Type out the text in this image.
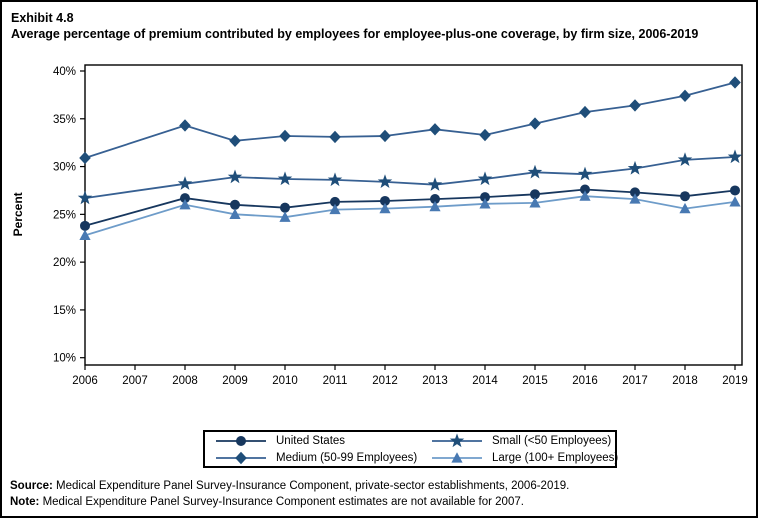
Exhibit 4.8
Average percentage of premium contributed by employees for employee-plus-one coverage, by firm size, 2006-2019
10%
15%
20%
25%
30%
35%
40%
Percent
2006 2007 2008 2009 2010 2011 2012 2013 2014 2015 2016 2017 2018 2019
United States	Small (<50 Employees)
Medium (50-99 Employees)	Large (100+ Employees)
Source: Medical Expenditure Panel Survey-Insurance Component, private-sector establishments, 2006-2019.
Note: Medical Expenditure Panel Survey-Insurance Component estimates are not available for 2007.
